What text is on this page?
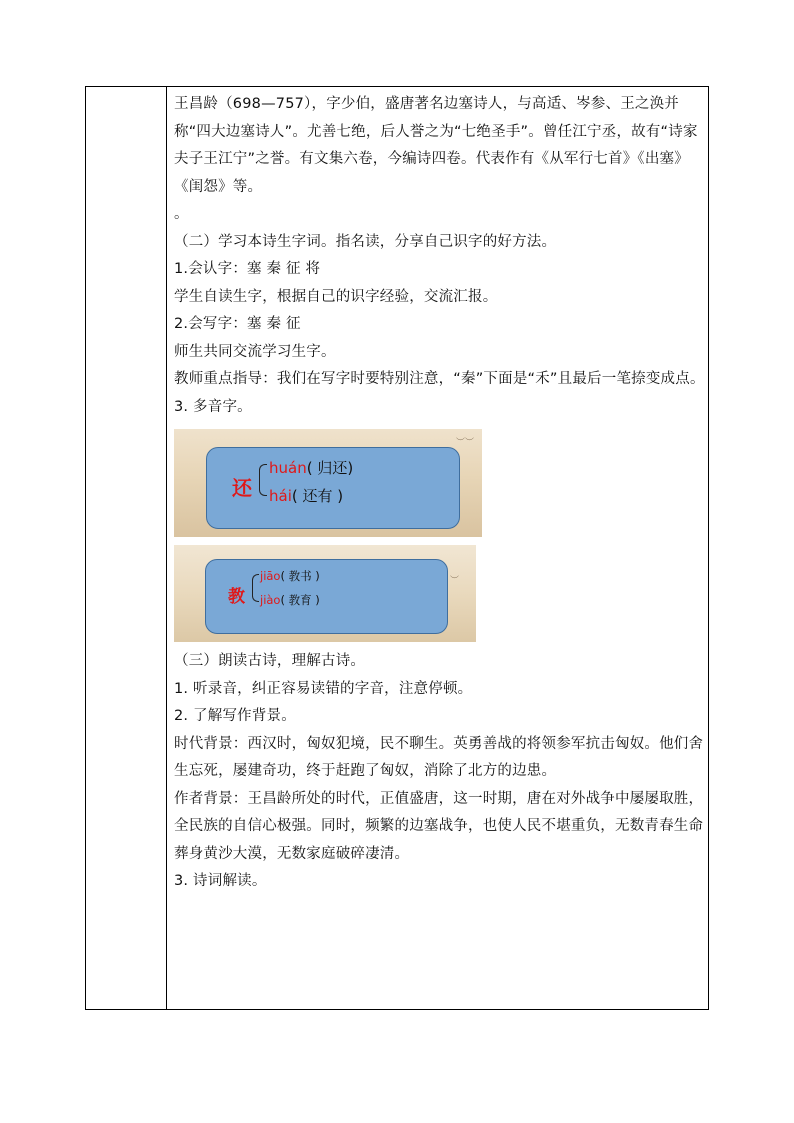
王昌龄（698—757），字少伯，盛唐著名边塞诗人，与高适、岑参、王之涣并称“四大边塞诗人”。尤善七绝，后人誉之为“七绝圣手”。曾任江宁丞，故有“诗家夫子王江宁”之誉。有文集六卷，今编诗四卷。代表作有《从军行七首》《出塞》《闺怨》等。

。

（二）学习本诗生字词。指名读，分享自己识字的好方法。

1.会认字：塞 秦 征 将

学生自读生字，根据自己的识字经验，交流汇报。

2.会写字：塞 秦 征

师生共同交流学习生字。

教师重点指导：我们在写字时要特别注意，“秦”下面是“禾”且最后一笔捺变成点。

3. 多音字。

︶︶
还
huán( 归还)
hái( 还有 )
︶
教
jiāo( 教书 )
jiào( 教育 )

（三）朗读古诗，理解古诗。

1. 听录音，纠正容易读错的字音，注意停顿。

2. 了解写作背景。

时代背景：西汉时，匈奴犯境，民不聊生。英勇善战的将领参军抗击匈奴。他们舍生忘死，屡建奇功，终于赶跑了匈奴，消除了北方的边患。

作者背景：王昌龄所处的时代，正值盛唐，这一时期，唐在对外战争中屡屡取胜，全民族的自信心极强。同时，频繁的边塞战争，也使人民不堪重负，无数青春生命葬身黄沙大漠，无数家庭破碎凄清。

3. 诗词解读。
